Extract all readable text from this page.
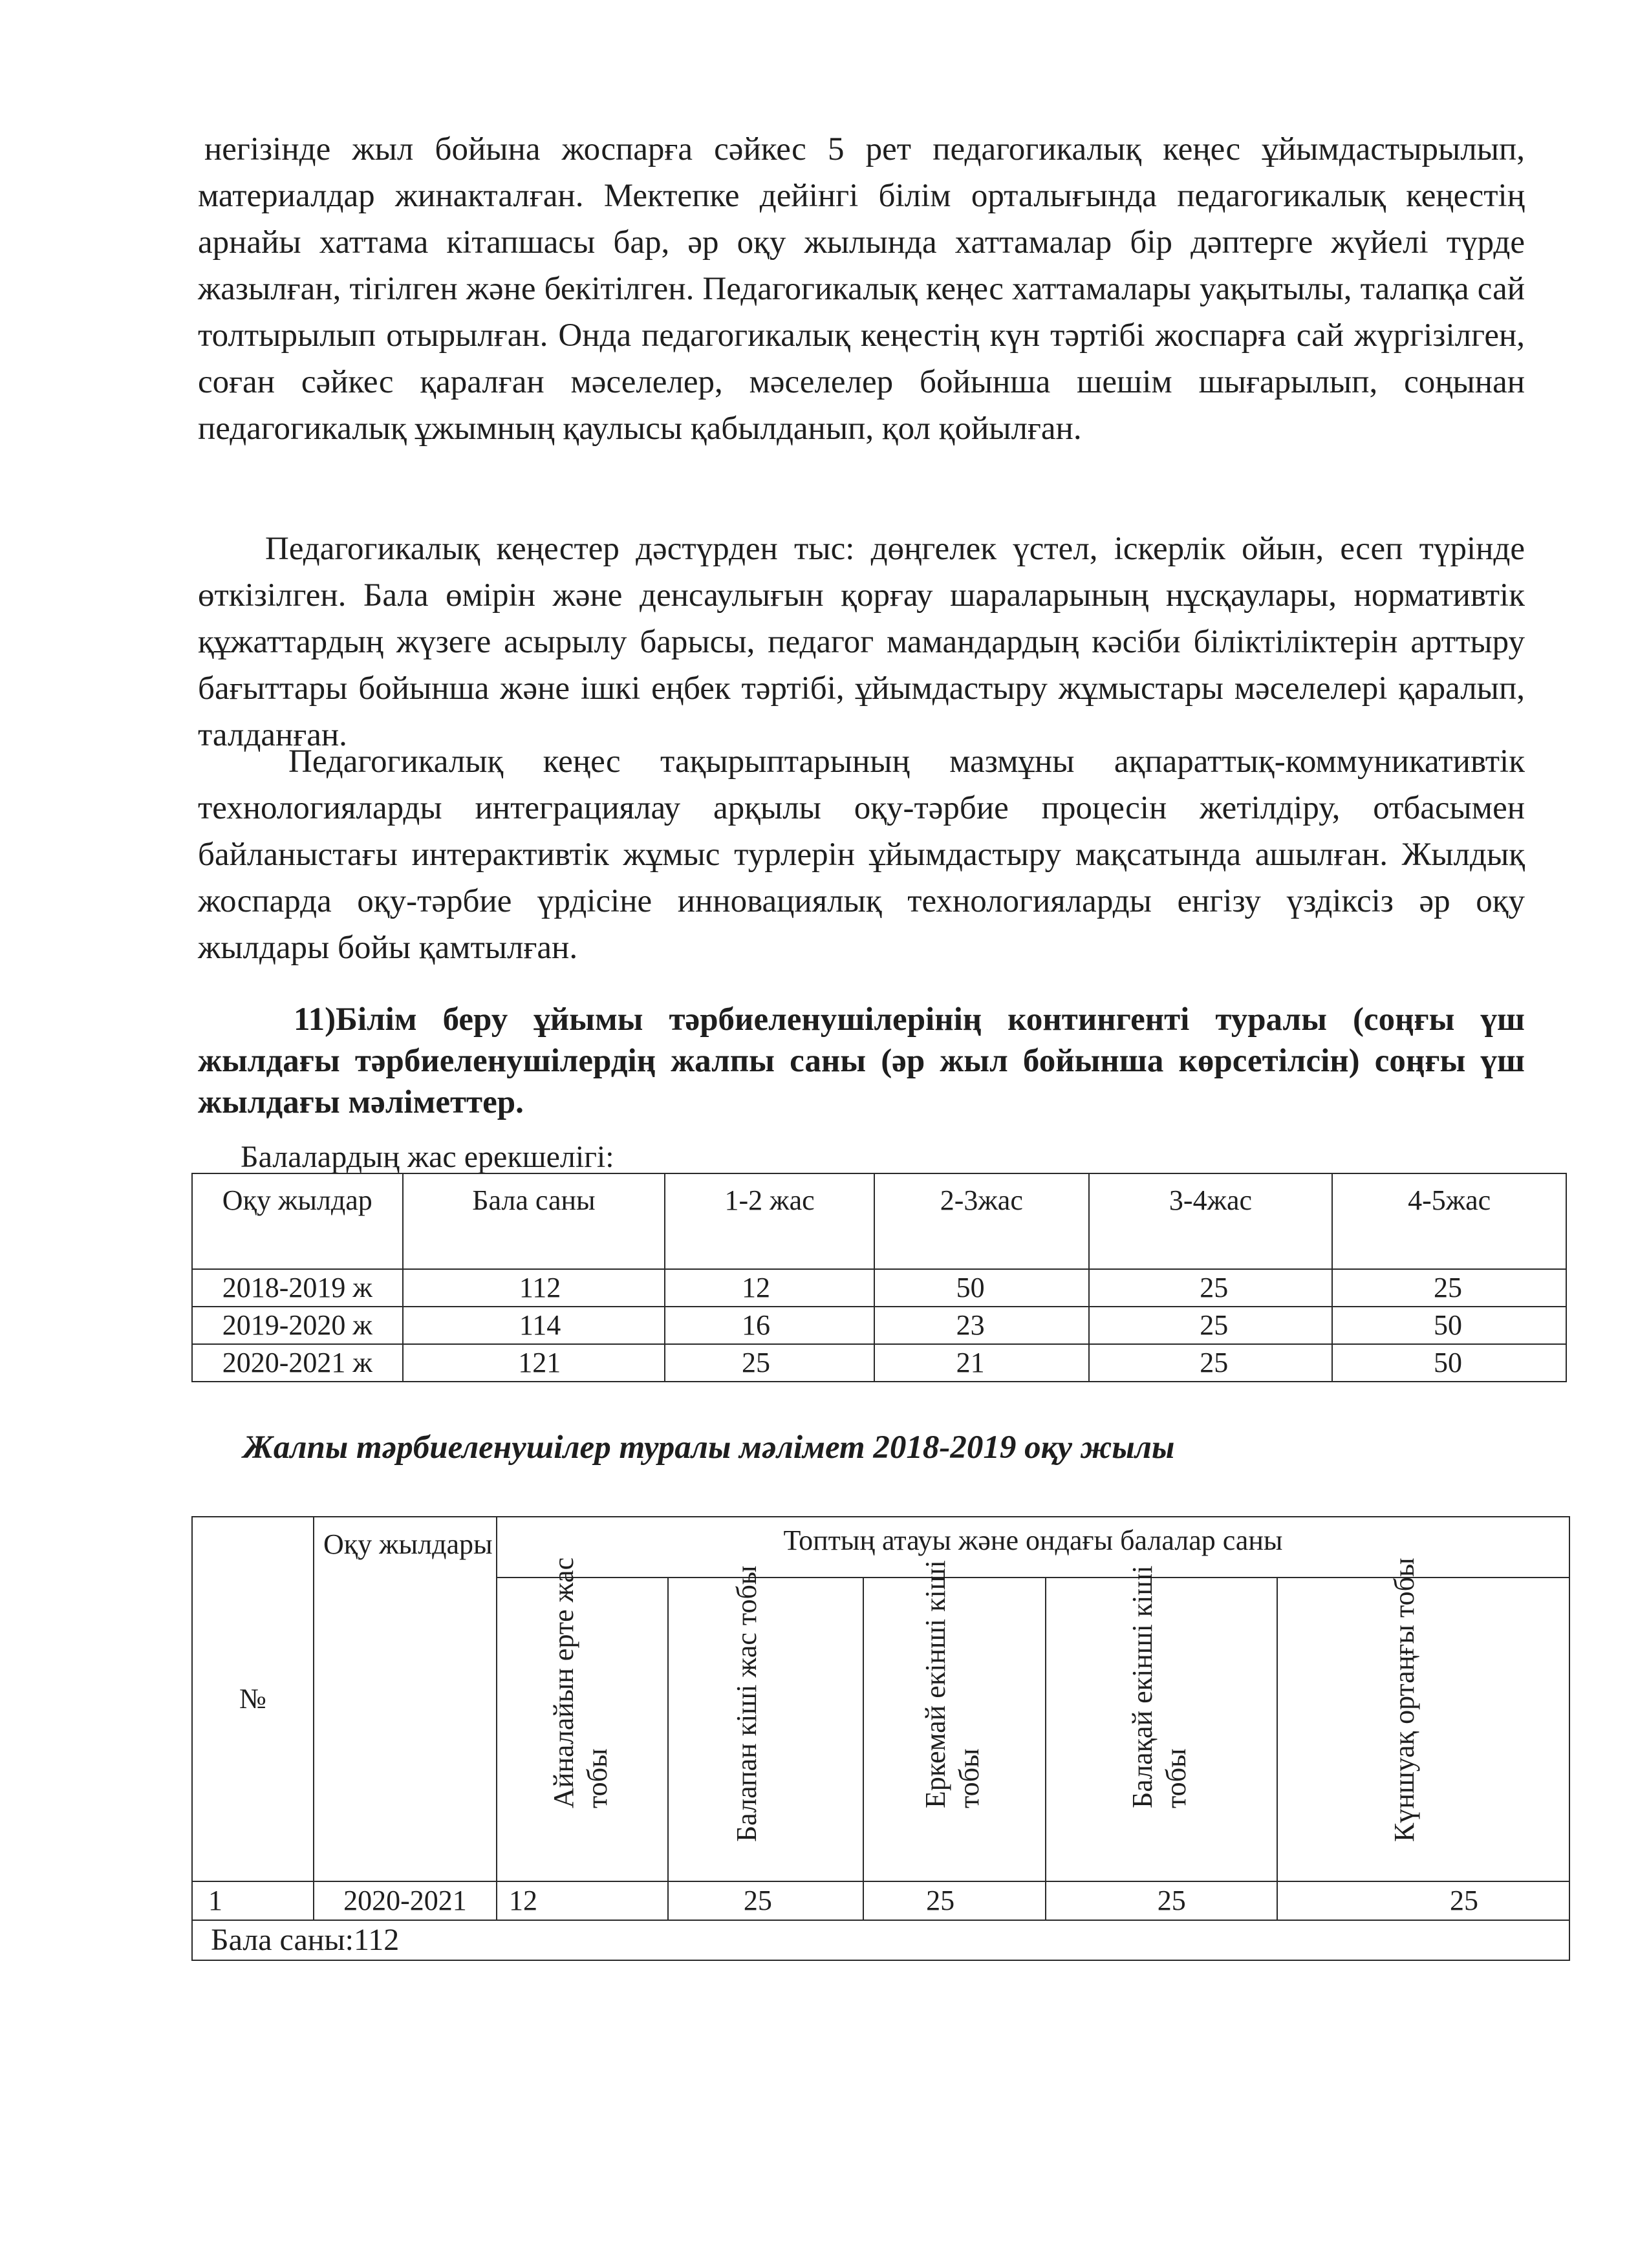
негізінде жыл бойына жоспарға сәйкес 5 рет педагогикалық кеңес ұйымдастырылып, материалдар жинакталған. Мектепке дейінгі білім орталығында педагогикалық кеңестің арнайы хаттама кітапшасы бар, әр оқу жылында хаттамалар бір дәптерге жүйелі түрде жазылған, тігілген және бекітілген. Педагогикалық кеңес хаттамалары уақытылы, талапқа сай толтырылып отырылған. Онда педагогикалық кеңестің күн тәртібі жоспарға сай жүргізілген, соған сәйкес қаралған мәселелер, мәселелер бойынша шешім шығарылып, соңынан педагогикалық ұжымның қаулысы қабылданып, қол қойылған.

Педагогикалық кеңестер дәстүрден тыс: дөңгелек үстел, іскерлік ойын, есеп түрінде өткізілген. Бала өмірін және денсаулығын қорғау шараларының нұсқаулары, нормативтік құжаттардың жүзеге асырылу барысы, педагог мамандардың кәсіби біліктіліктерін арттыру бағыттары бойынша және ішкі еңбек тәртібі, ұйымдастыру жұмыстары мәселелері қаралып, талданған.

Педагогикалық кеңес тақырыптарының мазмұны ақпараттық-коммуникативтік технологияларды интеграциялау арқылы оқу-тәрбие процесін жетілдіру, отбасымен байланыстағы интерактивтік жұмыс турлерін ұйымдастыру мақсатында ашылған. Жылдық жоспарда оқу-тәрбие үрдісіне инновациялық технологияларды енгізу үздіксіз әр оқу жылдары бойы қамтылған.

11)Білім беру ұйымы тәрбиеленушілерінің контингенті туралы (соңғы үш жылдағы тәрбиеленушілердің жалпы саны (әр жыл бойынша көрсетілсін) соңғы үш жылдағы мәліметтер.

Балалардың жас ерекшелігі:

Оқу жылдар	Бала саны	1-2 жас	2-3жас	3-4жас	4-5жас
2018-2019 ж	112	12	50	25	25
2019-2020 ж	114	16	23	25	50
2020-2021 ж	121	25	21	25	50

Жалпы тәрбиеленушілер туралы мәлімет 2018-2019 оқу жылы

№	Оқу жылдары	Топтың атауы және ондағы балалар саны				

		Айналайын ерте жас тобы	Балапан кіші жас тобы	Еркемай екінші кіші тобы	Балақай екінші кіші тобы	Күншуақ ортаңғы тобы

1	2020-2021	12	25	25	25	25
Бала саны:112						
